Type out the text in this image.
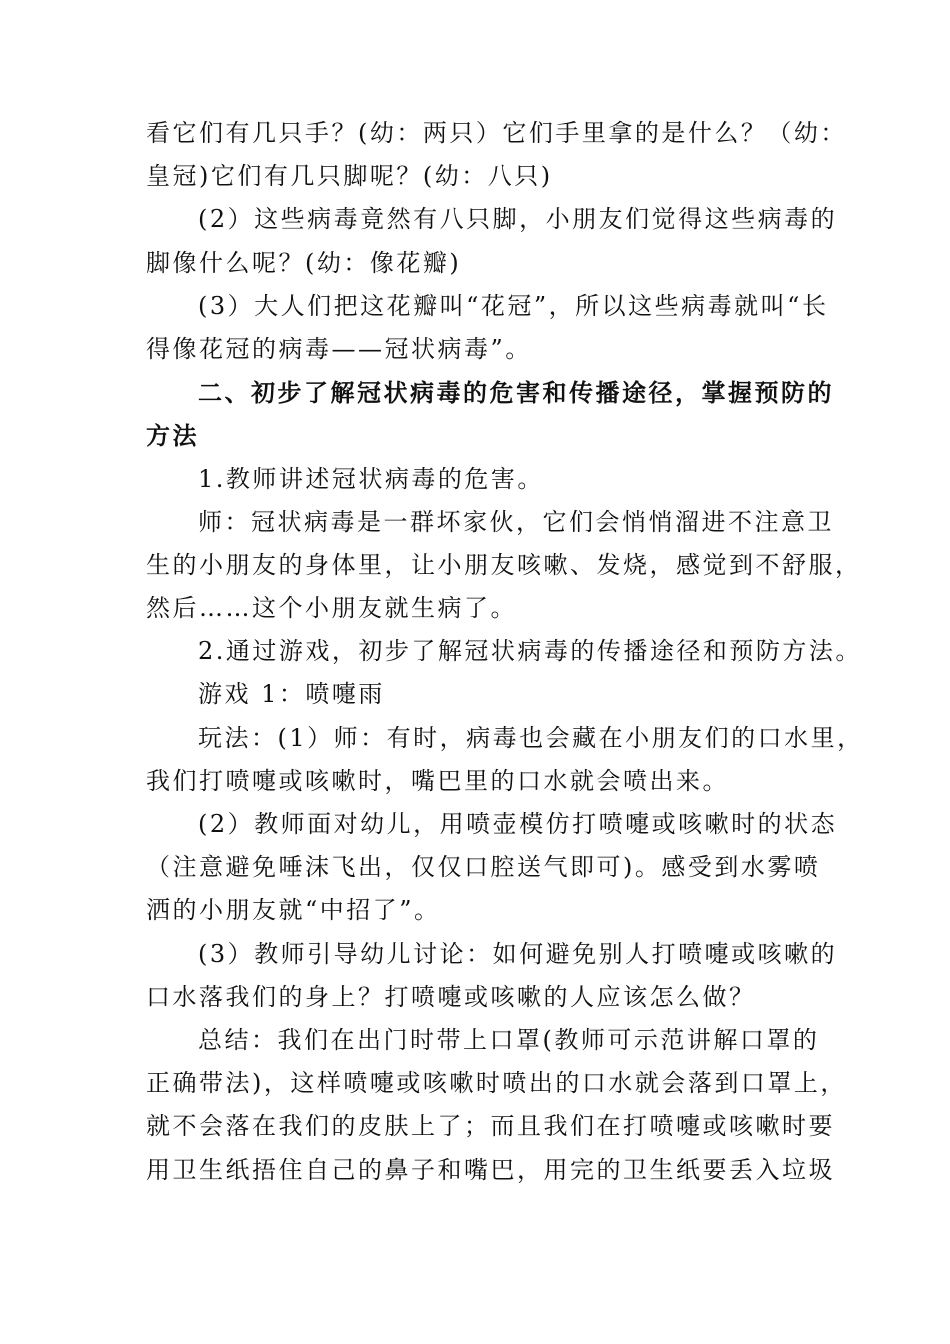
看它们有几只手？(幼：两只）它们手里拿的是什么？（幼：
皇冠)它们有几只脚呢？(幼：八只)
(2）这些病毒竟然有八只脚，小朋友们觉得这些病毒的
脚像什么呢？(幼：像花瓣)
(3）大人们把这花瓣叫“花冠”，所以这些病毒就叫“长
得像花冠的病毒——冠状病毒”。
二、初步了解冠状病毒的危害和传播途径，掌握预防的
方法
1.教师讲述冠状病毒的危害。
师：冠状病毒是一群坏家伙，它们会悄悄溜进不注意卫
生的小朋友的身体里，让小朋友咳嗽、发烧，感觉到不舒服，
然后……这个小朋友就生病了。
2.通过游戏，初步了解冠状病毒的传播途径和预防方法。
游戏 1：喷嚏雨
玩法：(1）师：有时，病毒也会藏在小朋友们的口水里，
我们打喷嚏或咳嗽时，嘴巴里的口水就会喷出来。
(2）教师面对幼儿，用喷壶模仿打喷嚏或咳嗽时的状态
（注意避免唾沫飞出，仅仅口腔送气即可)。感受到水雾喷
洒的小朋友就“中招了”。
(3）教师引导幼儿讨论：如何避免别人打喷嚏或咳嗽的
口水落我们的身上？打喷嚏或咳嗽的人应该怎么做？
总结：我们在出门时带上口罩(教师可示范讲解口罩的
正确带法)，这样喷嚏或咳嗽时喷出的口水就会落到口罩上，
就不会落在我们的皮肤上了；而且我们在打喷嚏或咳嗽时要
用卫生纸捂住自己的鼻子和嘴巴，用完的卫生纸要丢入垃圾
